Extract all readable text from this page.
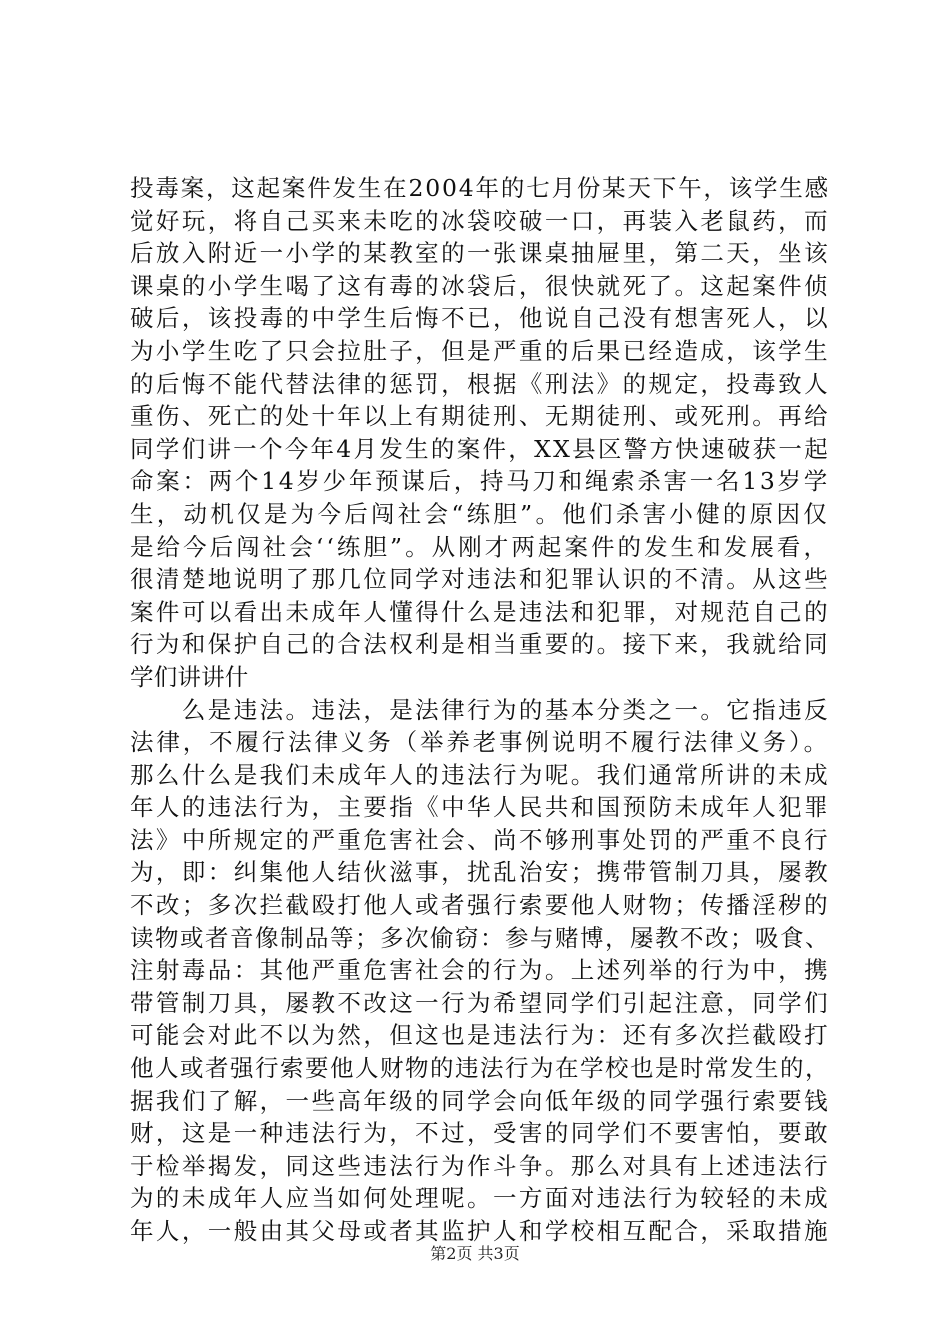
投毒案，这起案件发生在2004年的七月份某天下午，该学生感
觉好玩，将自己买来未吃的冰袋咬破一口，再装入老鼠药，而
后放入附近一小学的某教室的一张课桌抽屉里，第二天，坐该
课桌的小学生喝了这有毒的冰袋后，很快就死了。这起案件侦
破后，该投毒的中学生后悔不已，他说自己没有想害死人，以
为小学生吃了只会拉肚子，但是严重的后果已经造成，该学生
的后悔不能代替法律的惩罚，根据《刑法》的规定，投毒致人
重伤、死亡的处十年以上有期徒刑、无期徒刑、或死刑。再给
同学们讲一个今年4月发生的案件，XX县区警方快速破获一起
命案：两个14岁少年预谋后，持马刀和绳索杀害一名13岁学
生，动机仅是为今后闯社会“练胆”。他们杀害小健的原因仅
是给今后闯社会‘‘练胆”。从刚才两起案件的发生和发展看，
很清楚地说明了那几位同学对违法和犯罪认识的不清。从这些
案件可以看出未成年人懂得什么是违法和犯罪，对规范自己的
行为和保护自己的合法权利是相当重要的。接下来，我就给同
学们讲讲什
　　么是违法。违法，是法律行为的基本分类之一。它指违反
法律，不履行法律义务（举养老事例说明不履行法律义务）。
那么什么是我们未成年人的违法行为呢。我们通常所讲的未成
年人的违法行为，主要指《中华人民共和国预防未成年人犯罪
法》中所规定的严重危害社会、尚不够刑事处罚的严重不良行
为，即：纠集他人结伙滋事，扰乱治安；携带管制刀具，屡教
不改；多次拦截殴打他人或者强行索要他人财物；传播淫秽的
读物或者音像制品等；多次偷窃：参与赌博，屡教不改；吸食、
注射毒品：其他严重危害社会的行为。上述列举的行为中，携
带管制刀具，屡教不改这一行为希望同学们引起注意，同学们
可能会对此不以为然，但这也是违法行为：还有多次拦截殴打
他人或者强行索要他人财物的违法行为在学校也是时常发生的，
据我们了解，一些高年级的同学会向低年级的同学强行索要钱
财，这是一种违法行为，不过，受害的同学们不要害怕，要敢
于检举揭发，同这些违法行为作斗争。那么对具有上述违法行
为的未成年人应当如何处理呢。一方面对违法行为较轻的未成
年人，一般由其父母或者其监护人和学校相互配合，采取措施
第2页 共3页
